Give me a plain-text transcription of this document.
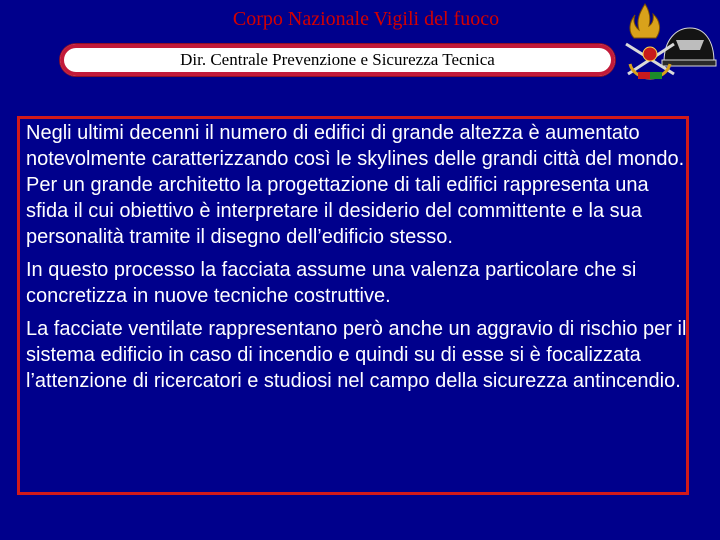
Corpo Nazionale Vigili del fuoco
Dir. Centrale Prevenzione e Sicurezza Tecnica

Negli ultimi decenni il numero di edifici di grande altezza è aumentato notevolmente caratterizzando così le skylines delle grandi città del mondo. Per un grande architetto la progettazione di tali edifici rappresenta una sfida il cui obiettivo è interpretare il desiderio del committente e la sua personalità tramite il disegno dell’edificio stesso.

In questo processo la facciata assume una valenza particolare che si concretizza in nuove tecniche costruttive.

La facciate ventilate rappresentano però anche un aggravio di rischio per il sistema edificio in caso di incendio e quindi su di esse si è focalizzata l’attenzione di ricercatori e studiosi nel campo della sicurezza antincendio.
